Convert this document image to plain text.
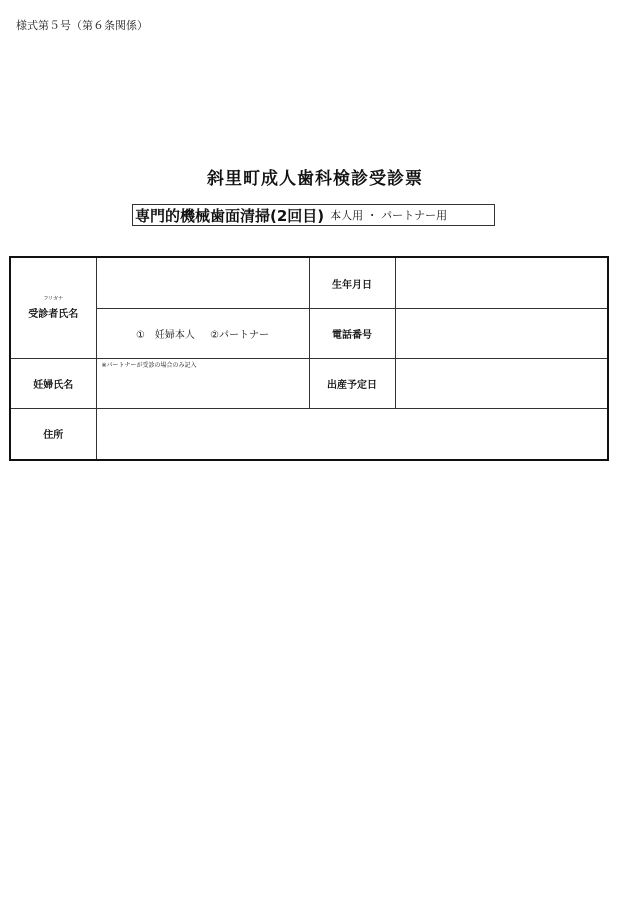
様式第５号（第６条関係）
斜里町成人歯科検診受診票
専門的機械歯面清掃(2回目) 本人用 ・ パートナー用
フリガナ
受診者氏名		生年月日	
	①　妊婦本人 ②パートナー	電話番号	
妊婦氏名	※パートナーが受診の場合のみ記入	出産予定日	
住所			
